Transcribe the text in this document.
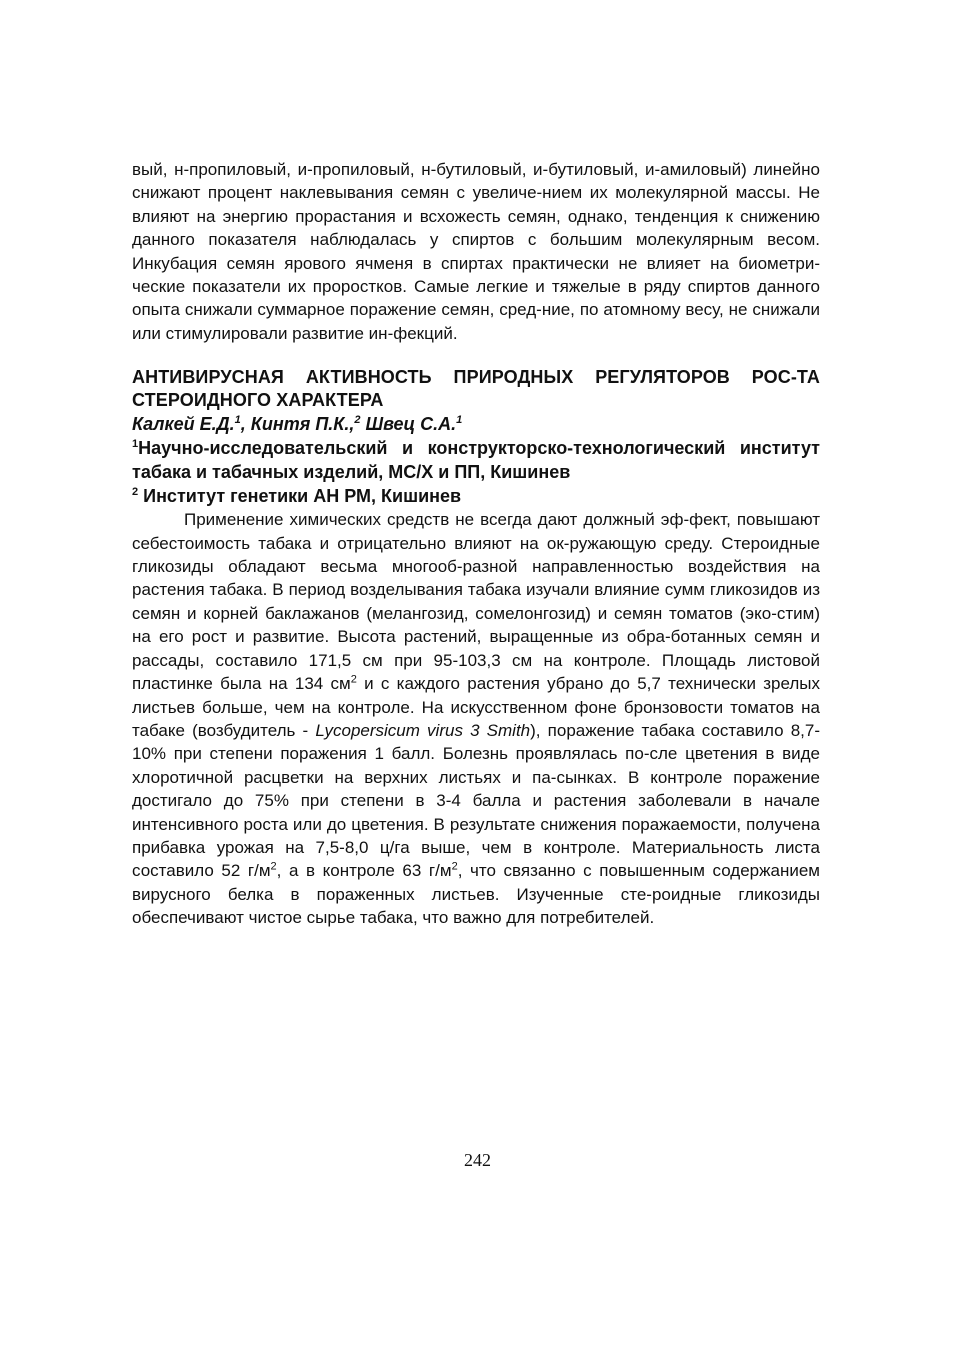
вый, н-пропиловый, и-пропиловый, н-бутиловый, и-бутиловый, и-амиловый) линейно снижают процент наклевывания семян с увеличе-нием их молекулярной массы. Не влияют на энергию прорастания и всхожесть семян, однако, тенденция к снижению данного показателя наблюдалась у спиртов с большим молекулярным весом. Инкубация семян ярового ячменя в спиртах практически не влияет на биометри-ческие показатели их проростков. Самые легкие и тяжелые в ряду спиртов данного опыта снижали суммарное поражение семян, сред-ние, по атомному весу, не снижали или стимулировали развитие ин-фекций.

АНТИВИРУСНАЯ АКТИВНОСТЬ ПРИРОДНЫХ РЕГУЛЯТОРОВ РОС-ТА СТЕРОИДНОГО ХАРАКТЕРА

Калкей Е.Д.$^1$, Кинтя П.К.,$^2$ Швец С.А.$^1$

$^1$Научно-исследовательский и конструкторско-технологический институт табака и табачных изделий, МС/Х и ПП, Кишинев

$^2$ Институт генетики АН РМ, Кишинев

Применение химических средств не всегда дают должный эф-фект, повышают себестоимость табака и отрицательно влияют на ок-ружающую среду. Стероидные гликозиды обладают весьма многооб-разной направленностью воздействия на растения табака. В период возделывания табака изучали влияние сумм гликозидов из семян и корней баклажанов (мелангозид, сомелонгозид) и семян томатов (эко-стим) на его рост и развитие. Высота растений, выращенные из обра-ботанных семян и рассады, составило 171,5 см при 95-103,3 см на контроле. Площадь листовой пластинке была на 134 $см^2$ и с каждого растения убрано до 5,7 технически зрелых листьев больше, чем на контроле. На искусственном фоне бронзовости томатов на табаке (возбудитель - Lycopersicum virus 3 Smith), поражение табака составило 8,7- 10% при степени поражения 1 балл. Болезнь проявлялась по-сле цветения в виде хлоротичной расцветки на верхних листьях и па-сынках. В контроле поражение достигало до 75% при степени в 3-4 балла и растения заболевали в начале интенсивного роста или до цветения. В результате снижения поражаемости, получена прибавка урожая на 7,5-8,0 ц/га выше, чем в контроле. Материальность листа составило 52 $г/м^2$, а в контроле 63 $г/м^2$, что связанно с повышенным содержанием вирусного белка в пораженных листьев. Изученные сте-роидные гликозиды обеспечивают чистое сырье табака, что важно для потребителей.

242
